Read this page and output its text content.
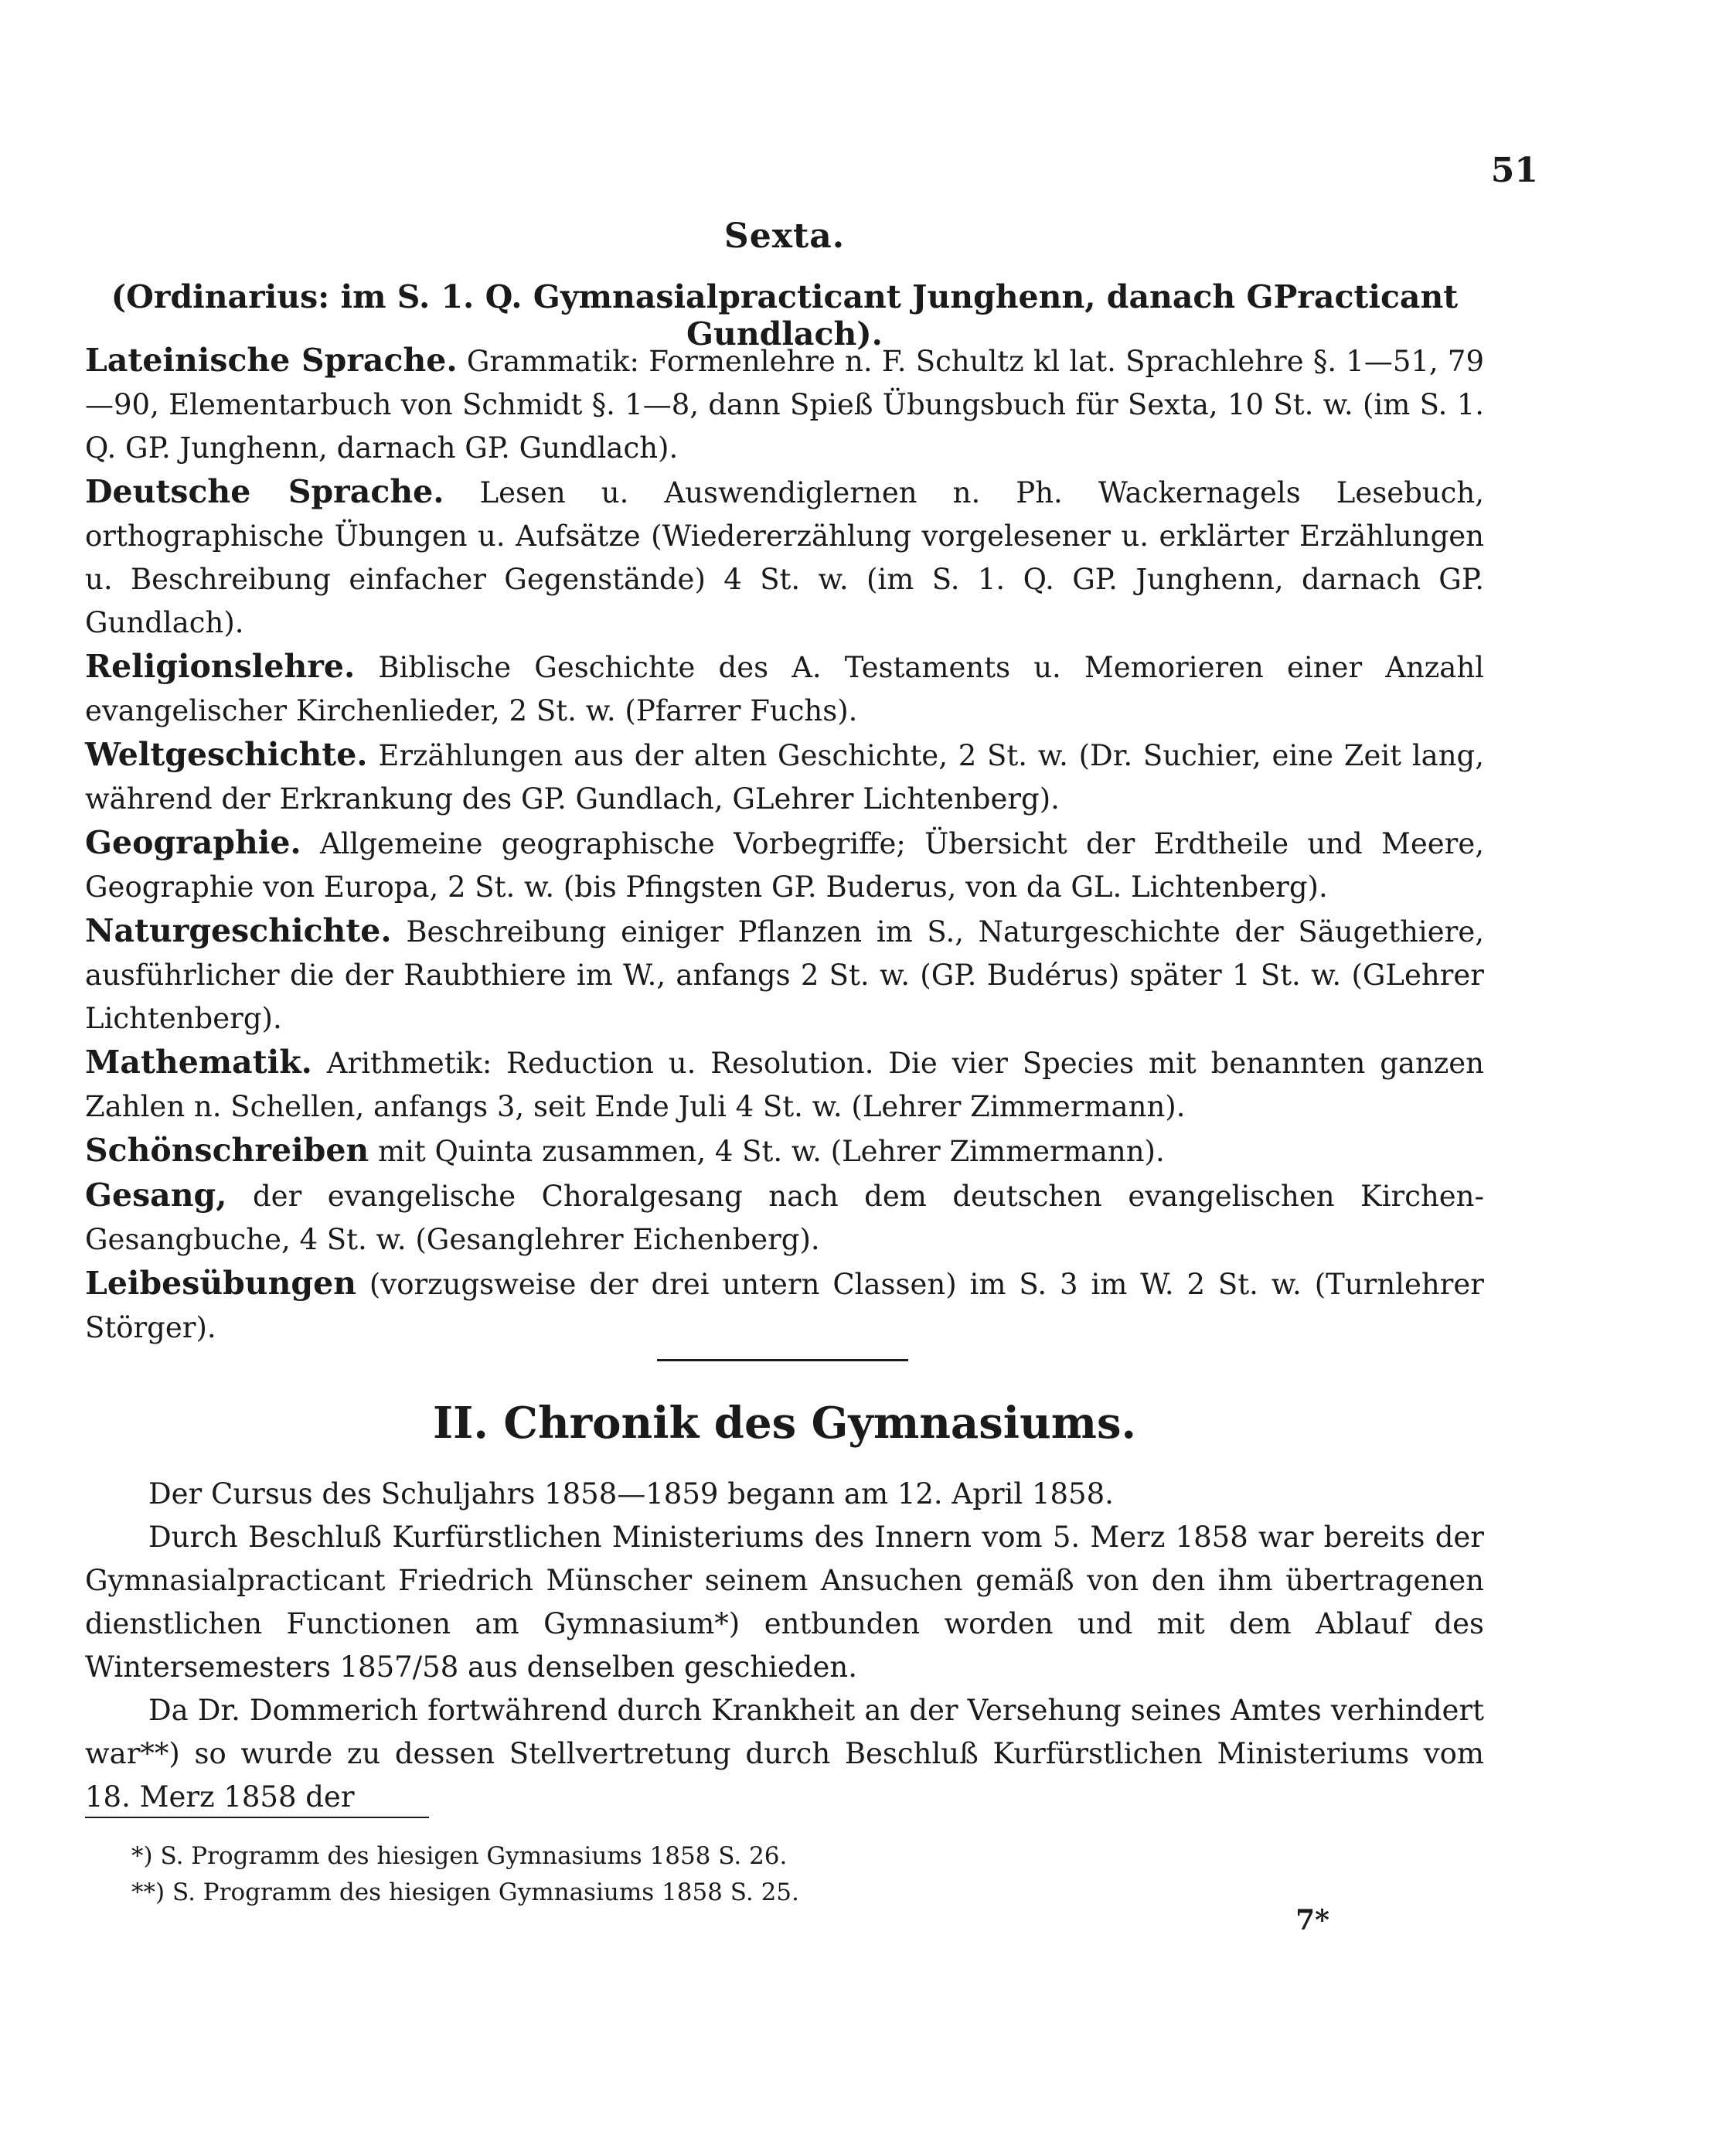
51
Sexta.
(Ordinarius: im S. 1. Q. Gymnasialpracticant Junghenn, danach GPracticant Gundlach).

Lateinische Sprache. Grammatik: Formenlehre n. F. Schultz kl lat. Sprachlehre §. 1—51, 79—90, Elementarbuch von Schmidt §. 1—8, dann Spieß Übungsbuch für Sexta, 10 St. w. (im S. 1. Q. GP. Junghenn, darnach GP. Gundlach).

Deutsche Sprache. Lesen u. Auswendiglernen n. Ph. Wackernagels Lesebuch, orthographische Übungen u. Aufsätze (Wiedererzählung vorgelesener u. erklärter Erzählungen u. Beschreibung einfacher Gegenstände) 4 St. w. (im S. 1. Q. GP. Junghenn, darnach GP. Gundlach).

Religionslehre. Biblische Geschichte des A. Testaments u. Memorieren einer Anzahl evangelischer Kirchenlieder, 2 St. w. (Pfarrer Fuchs).

Weltgeschichte. Erzählungen aus der alten Geschichte, 2 St. w. (Dr. Suchier, eine Zeit lang, während der Erkrankung des GP. Gundlach, GLehrer Lichtenberg).

Geographie. Allgemeine geographische Vorbegriffe; Übersicht der Erdtheile und Meere, Geographie von Europa, 2 St. w. (bis Pfingsten GP. Buderus, von da GL. Lichtenberg).

Naturgeschichte. Beschreibung einiger Pflanzen im S., Naturgeschichte der Säugethiere, ausführlicher die der Raubthiere im W., anfangs 2 St. w. (GP. Budérus) später 1 St. w. (GLehrer Lichtenberg).

Mathematik. Arithmetik: Reduction u. Resolution. Die vier Species mit benannten ganzen Zahlen n. Schellen, anfangs 3, seit Ende Juli 4 St. w. (Lehrer Zimmermann).

Schönschreiben mit Quinta zusammen, 4 St. w. (Lehrer Zimmermann).

Gesang, der evangelische Choralgesang nach dem deutschen evangelischen Kirchen-Gesangbuche, 4 St. w. (Gesanglehrer Eichenberg).

Leibesübungen (vorzugsweise der drei untern Classen) im S. 3 im W. 2 St. w. (Turnlehrer Störger).

II. Chronik des Gymnasiums.

Der Cursus des Schuljahrs 1858—1859 begann am 12. April 1858.

Durch Beschluß Kurfürstlichen Ministeriums des Innern vom 5. Merz 1858 war bereits der Gymnasialpracticant Friedrich Münscher seinem Ansuchen gemäß von den ihm übertragenen dienstlichen Functionen am Gymnasium*) entbunden worden und mit dem Ablauf des Wintersemesters 1857/58 aus denselben geschieden.

Da Dr. Dommerich fortwährend durch Krankheit an der Versehung seines Amtes verhindert war**) so wurde zu dessen Stellvertretung durch Beschluß Kurfürstlichen Ministeriums vom 18. Merz 1858 der

*) S. Programm des hiesigen Gymnasiums 1858 S. 26.
**) S. Programm des hiesigen Gymnasiums 1858 S. 25.
7*
